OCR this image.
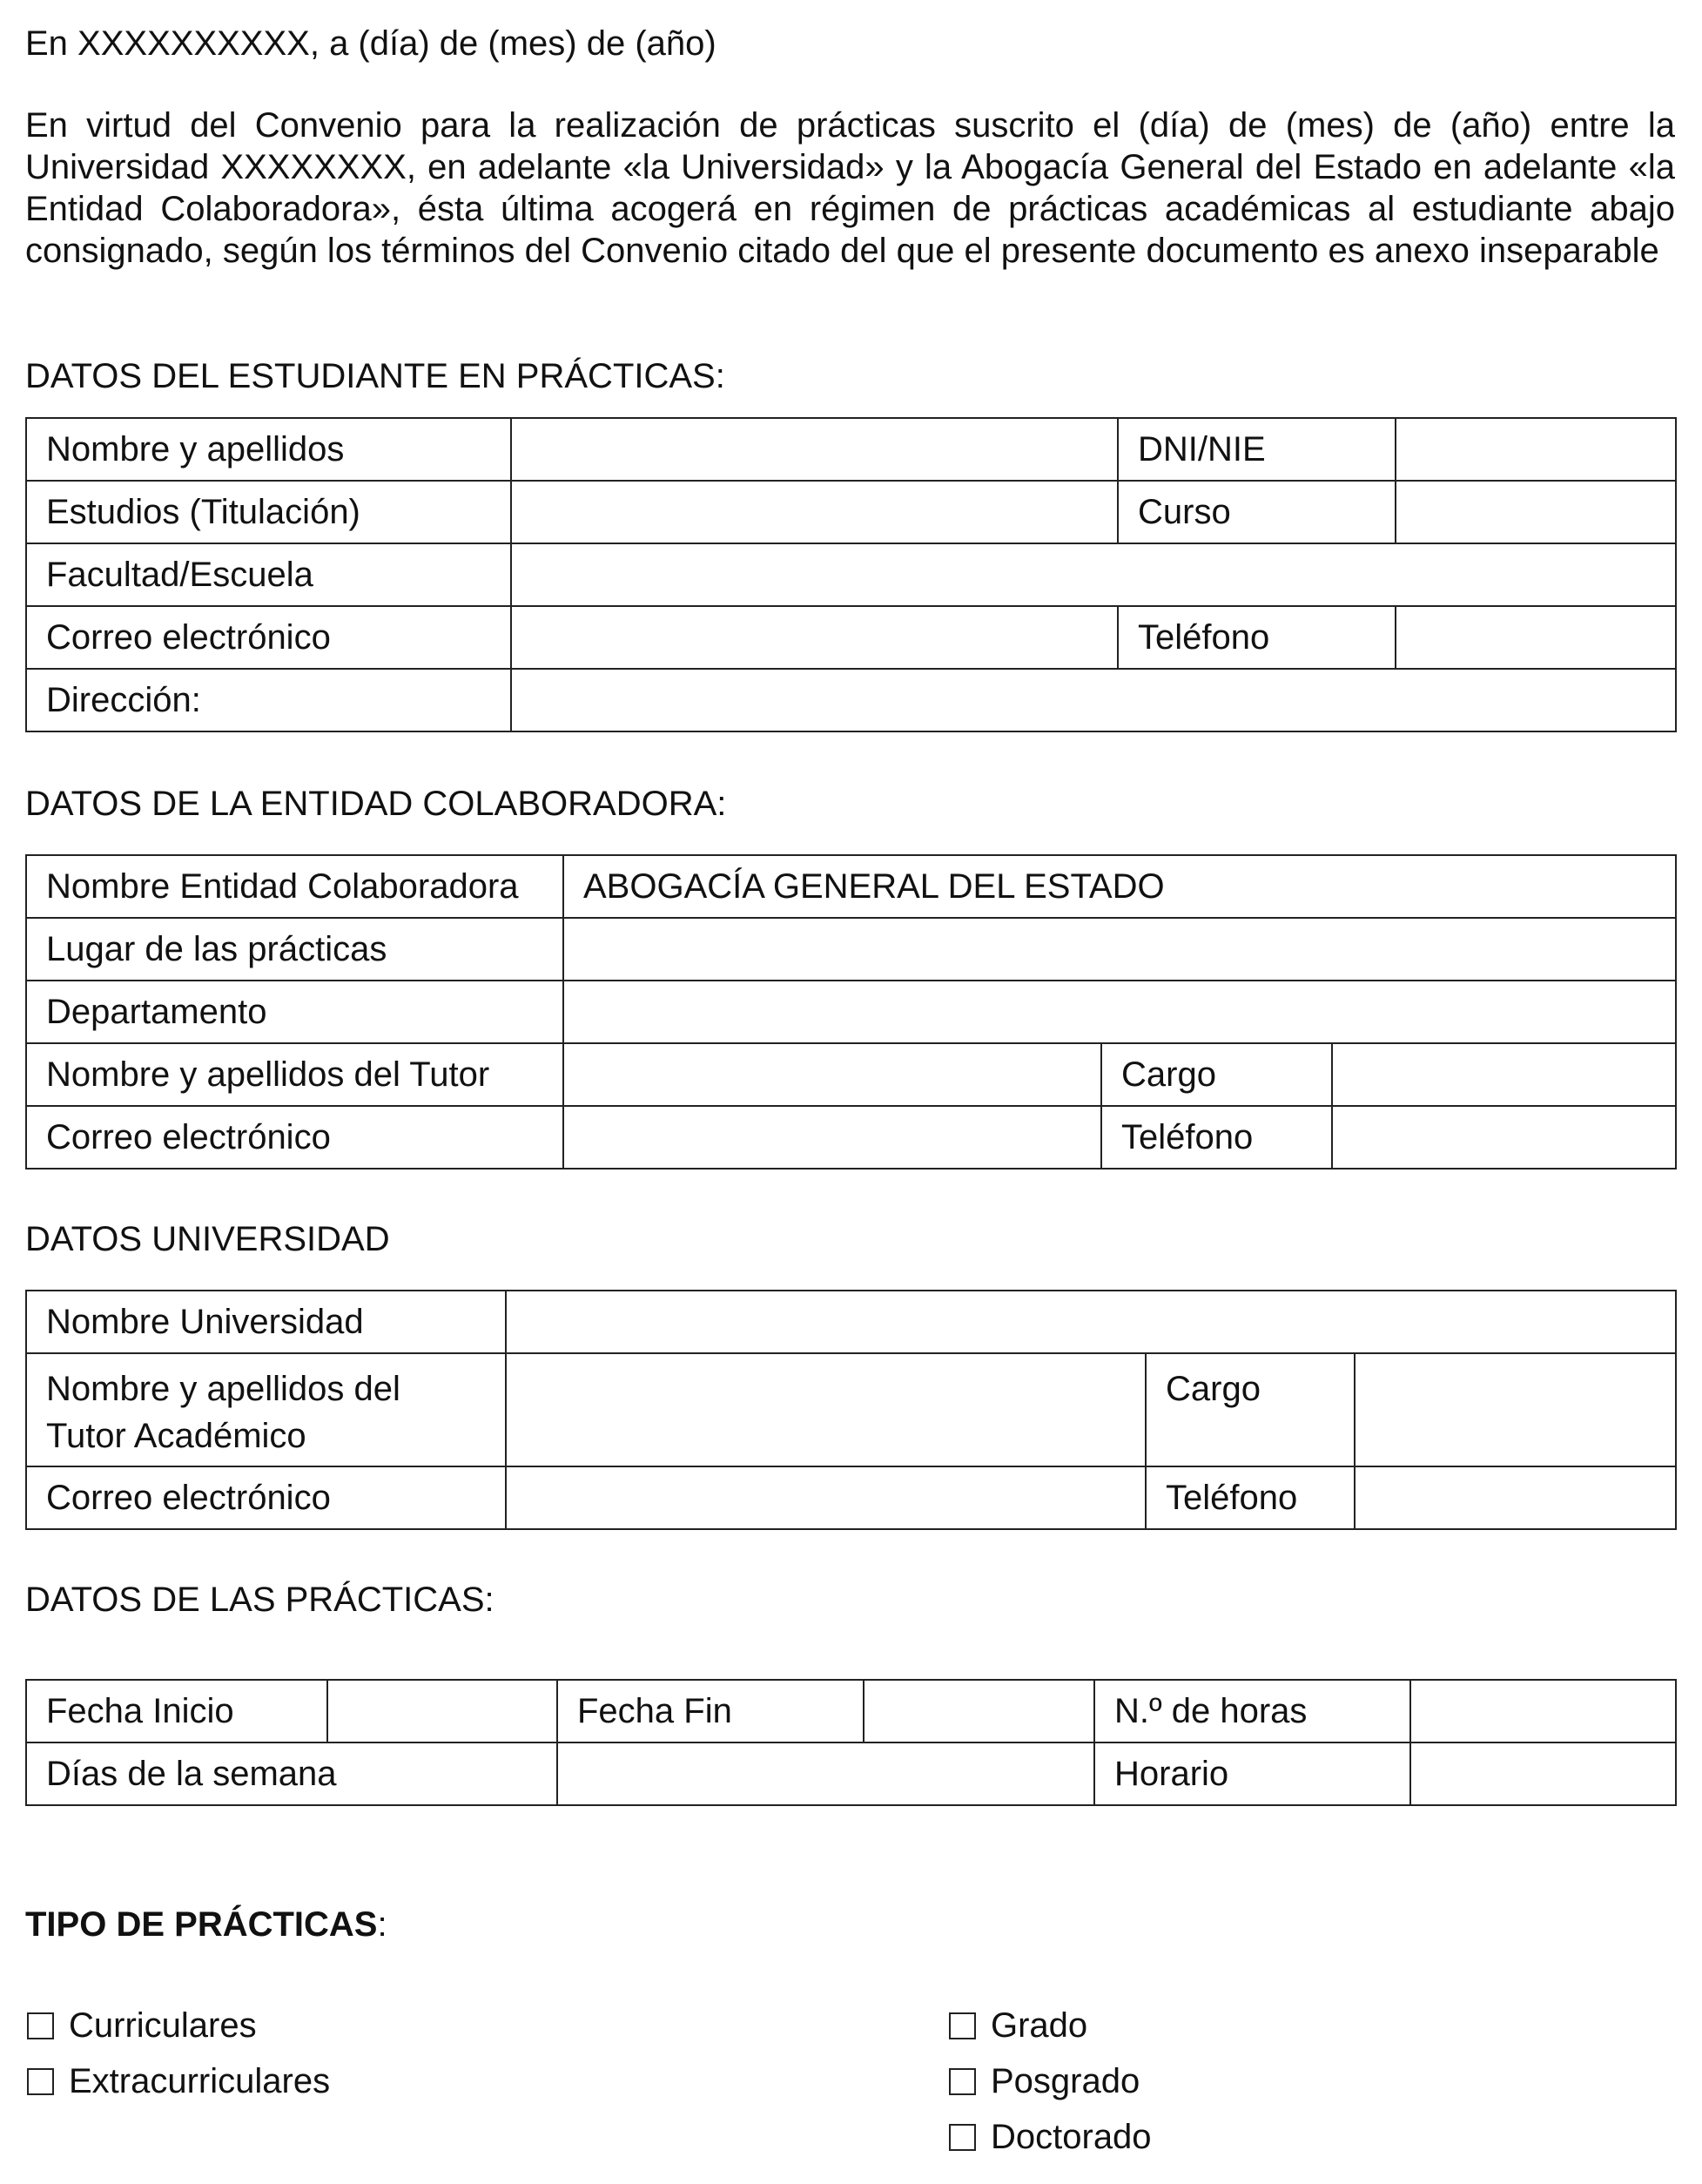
En XXXXXXXXXX, a (día) de (mes) de (año)
En virtud del Convenio para la realización de prácticas suscrito el (día) de (mes) de (año) entre la Universidad XXXXXXXX, en adelante «la Universidad» y la Abogacía General del Estado en adelante «la Entidad Colaboradora», ésta última acogerá en régimen de prácticas académicas al estudiante abajo consignado, según los términos del Convenio citado del que el presente documento es anexo inseparable
DATOS DEL ESTUDIANTE EN PRÁCTICAS:
Nombre y apellidos		DNI/NIE	
Estudios (Titulación)		Curso	
Facultad/Escuela			
Correo electrónico		Teléfono	
Dirección:			
DATOS DE LA ENTIDAD COLABORADORA:
Nombre Entidad Colaboradora	ABOGACÍA GENERAL DEL ESTADO		
Lugar de las prácticas			
Departamento			
Nombre y apellidos del Tutor		Cargo	
Correo electrónico		Teléfono	
DATOS UNIVERSIDAD
Nombre Universidad			

Nombre y apellidos del
Tutor Académico		Cargo	
Correo electrónico		Teléfono	
DATOS DE LAS PRÁCTICAS:
Fecha Inicio		Fecha Fin		N.º de horas	
Días de la semana				Horario	
TIPO DE PRÁCTICAS:
Curriculares
Extracurriculares
Grado
Posgrado
Doctorado
